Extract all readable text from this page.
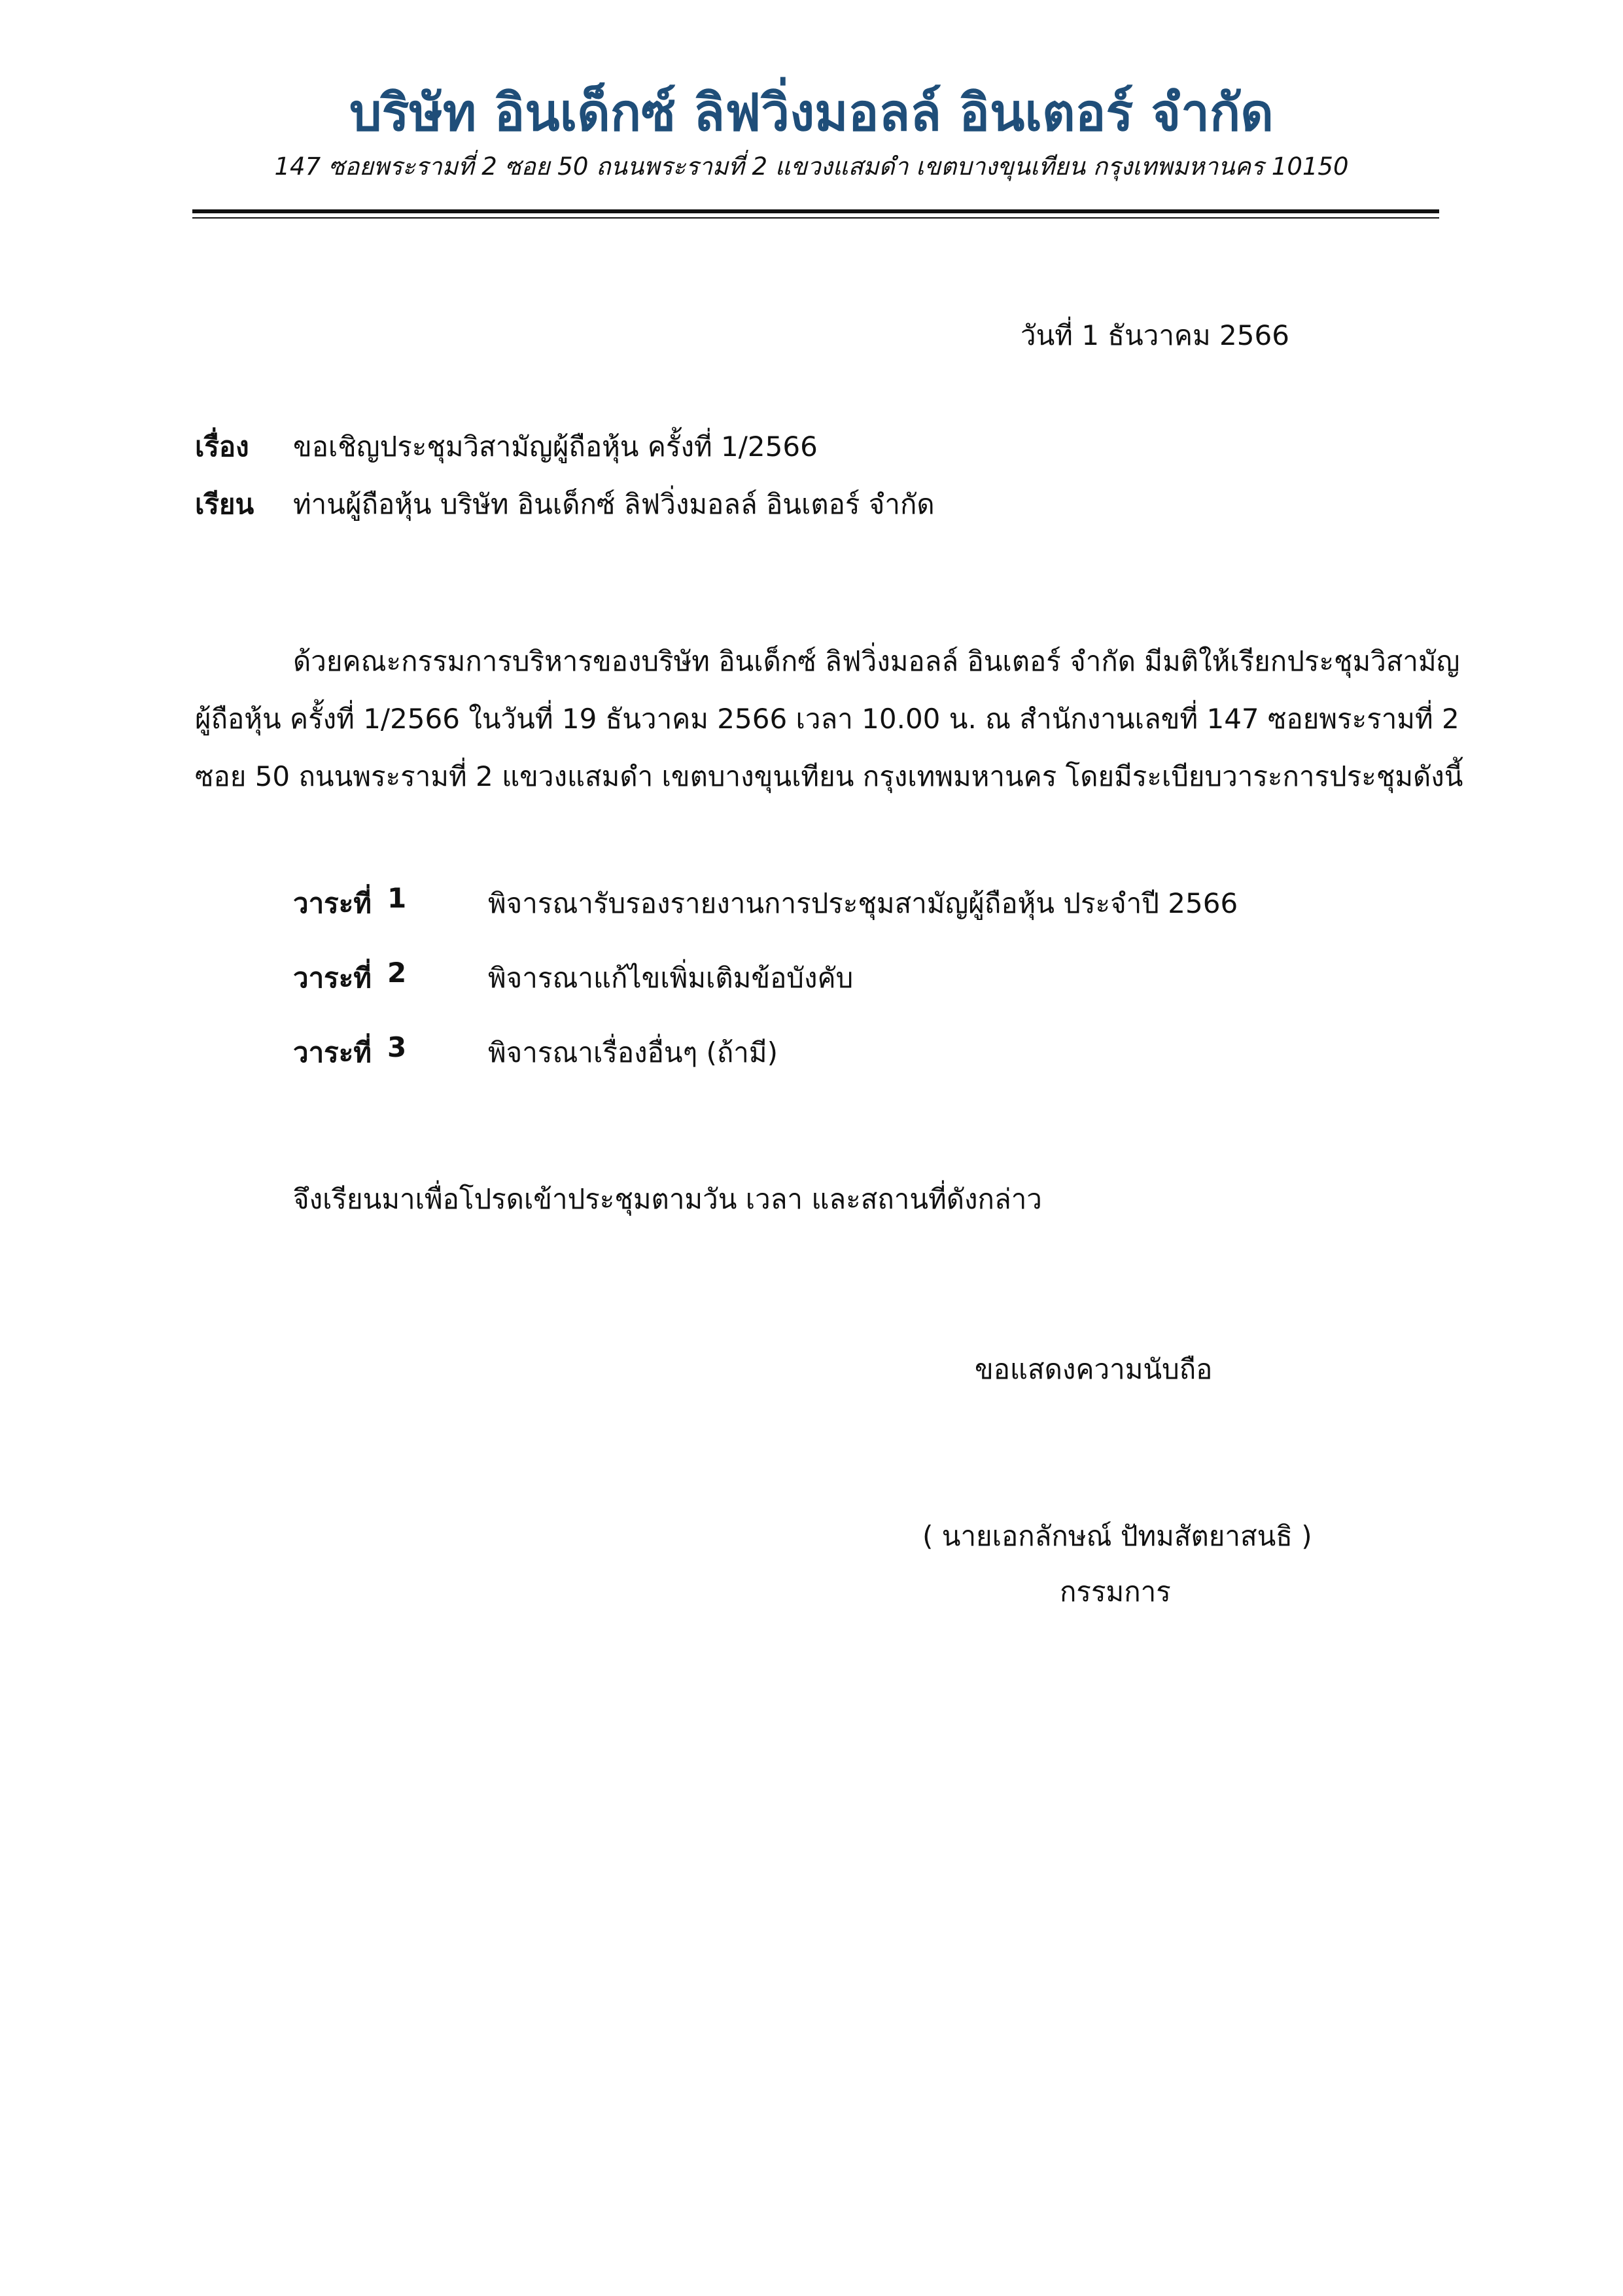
บริษัท อินเด็กซ์ ลิฟวิ่งมอลล์ อินเตอร์ จำกัด
147 ซอยพระรามที่ 2 ซอย 50 ถนนพระรามที่ 2 แขวงแสมดำ เขตบางขุนเทียน กรุงเทพมหานคร 10150
วันที่ 1 ธันวาคม 2566
เรื่อง ขอเชิญประชุมวิสามัญผู้ถือหุ้น ครั้งที่ 1/2566
เรียน ท่านผู้ถือหุ้น บริษัท อินเด็กซ์ ลิฟวิ่งมอลล์ อินเตอร์ จำกัด
ด้วยคณะกรรมการบริหารของบริษัท อินเด็กซ์ ลิฟวิ่งมอลล์ อินเตอร์ จำกัด มีมติให้เรียกประชุมวิสามัญ
ผู้ถือหุ้น ครั้งที่ 1/2566 ในวันที่ 19 ธันวาคม 2566 เวลา 10.00 น. ณ สำนักงานเลขที่ 147 ซอยพระรามที่ 2
ซอย 50 ถนนพระรามที่ 2 แขวงแสมดำ เขตบางขุนเทียน กรุงเทพมหานคร โดยมีระเบียบวาระการประชุมดังนี้
วาระที่ 1	พิจารณารับรองรายงานการประชุมสามัญผู้ถือหุ้น ประจำปี 2566
วาระที่ 2	พิจารณาแก้ไขเพิ่มเติมข้อบังคับ
วาระที่ 3	พิจารณาเรื่องอื่นๆ (ถ้ามี)
จึงเรียนมาเพื่อโปรดเข้าประชุมตามวัน เวลา และสถานที่ดังกล่าว
ขอแสดงความนับถือ
( นายเอกลักษณ์ ปัทมสัตยาสนธิ )
กรรมการ
